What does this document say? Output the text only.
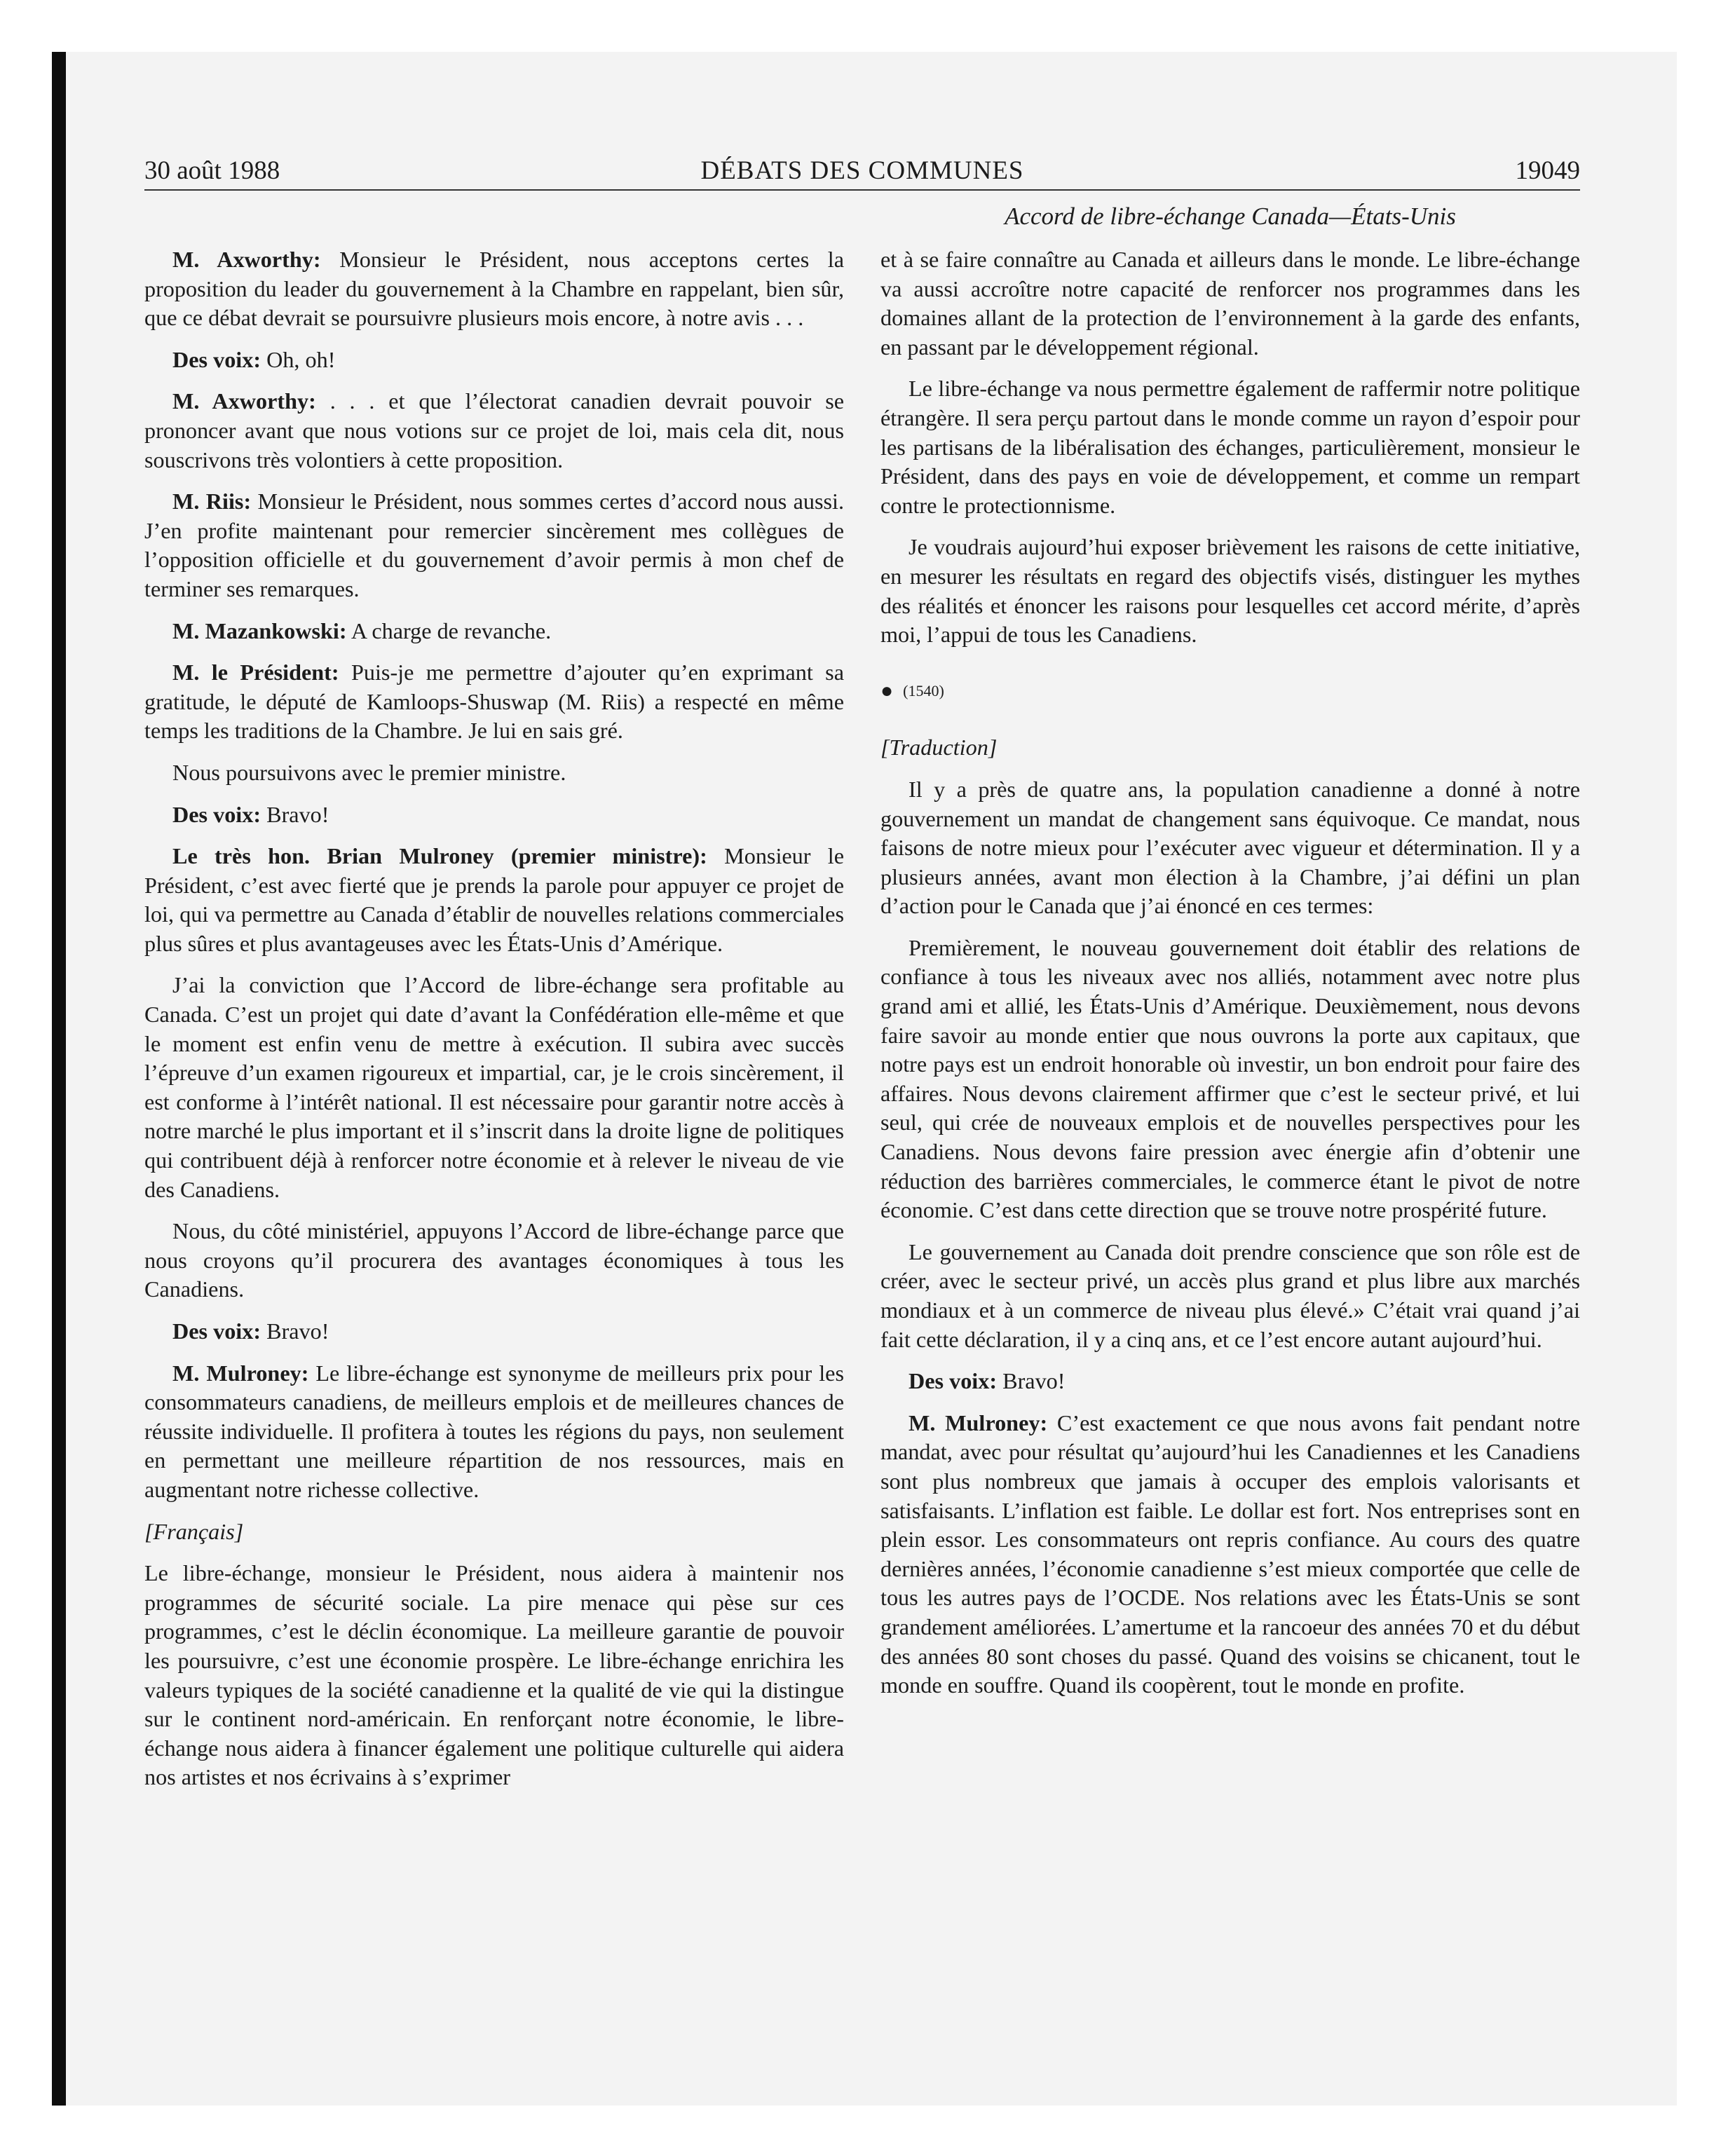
30 août 1988	DÉBATS DES COMMUNES	19049
Accord de libre-échange Canada—États-Unis

M. Axworthy: Monsieur le Président, nous acceptons certes la proposition du leader du gouvernement à la Chambre en rappelant, bien sûr, que ce débat devrait se poursuivre plusieurs mois encore, à notre avis . . .

Des voix: Oh, oh!

M. Axworthy: . . . et que l’électorat canadien devrait pouvoir se prononcer avant que nous votions sur ce projet de loi, mais cela dit, nous souscrivons très volontiers à cette proposition.

M. Riis: Monsieur le Président, nous sommes certes d’accord nous aussi. J’en profite maintenant pour remercier sincèrement mes collègues de l’opposition officielle et du gouvernement d’avoir permis à mon chef de terminer ses remarques.

M. Mazankowski: A charge de revanche.

M. le Président: Puis-je me permettre d’ajouter qu’en exprimant sa gratitude, le député de Kamloops-Shuswap (M. Riis) a respecté en même temps les traditions de la Chambre. Je lui en sais gré.

Nous poursuivons avec le premier ministre.

Des voix: Bravo!

Le très hon. Brian Mulroney (premier ministre): Monsieur le Président, c’est avec fierté que je prends la parole pour appuyer ce projet de loi, qui va permettre au Canada d’établir de nouvelles relations commerciales plus sûres et plus avantageuses avec les États-Unis d’Amérique.

J’ai la conviction que l’Accord de libre-échange sera profitable au Canada. C’est un projet qui date d’avant la Confédération elle-même et que le moment est enfin venu de mettre à exécution. Il subira avec succès l’épreuve d’un examen rigoureux et impartial, car, je le crois sincèrement, il est conforme à l’intérêt national. Il est nécessaire pour garantir notre accès à notre marché le plus important et il s’inscrit dans la droite ligne de politiques qui contribuent déjà à renforcer notre économie et à relever le niveau de vie des Canadiens.

Nous, du côté ministériel, appuyons l’Accord de libre-échange parce que nous croyons qu’il procurera des avantages économiques à tous les Canadiens.

Des voix: Bravo!

M. Mulroney: Le libre-échange est synonyme de meilleurs prix pour les consommateurs canadiens, de meilleurs emplois et de meilleures chances de réussite individuelle. Il profitera à toutes les régions du pays, non seulement en permettant une meilleure répartition de nos ressources, mais en augmentant notre richesse collective.

[Français]

Le libre-échange, monsieur le Président, nous aidera à maintenir nos programmes de sécurité sociale. La pire menace qui pèse sur ces programmes, c’est le déclin économique. La meilleure garantie de pouvoir les poursuivre, c’est une économie prospère. Le libre-échange enrichira les valeurs typiques de la société canadienne et la qualité de vie qui la distingue sur le continent nord-américain. En renforçant notre économie, le libre-échange nous aidera à financer également une politique culturelle qui aidera nos artistes et nos écrivains à s’exprimer

et à se faire connaître au Canada et ailleurs dans le monde. Le libre-échange va aussi accroître notre capacité de renforcer nos programmes dans les domaines allant de la protection de l’environnement à la garde des enfants, en passant par le développement régional.

Le libre-échange va nous permettre également de raffermir notre politique étrangère. Il sera perçu partout dans le monde comme un rayon d’espoir pour les partisans de la libéralisation des échanges, particulièrement, monsieur le Président, dans des pays en voie de développement, et comme un rempart contre le protectionnisme.

Je voudrais aujourd’hui exposer brièvement les raisons de cette initiative, en mesurer les résultats en regard des objectifs visés, distinguer les mythes des réalités et énoncer les raisons pour lesquelles cet accord mérite, d’après moi, l’appui de tous les Canadiens.

● (1540)

[Traduction]

Il y a près de quatre ans, la population canadienne a donné à notre gouvernement un mandat de changement sans équivoque. Ce mandat, nous faisons de notre mieux pour l’exécuter avec vigueur et détermination. Il y a plusieurs années, avant mon élection à la Chambre, j’ai défini un plan d’action pour le Canada que j’ai énoncé en ces termes:

Premièrement, le nouveau gouvernement doit établir des relations de confiance à tous les niveaux avec nos alliés, notamment avec notre plus grand ami et allié, les États-Unis d’Amérique. Deuxièmement, nous devons faire savoir au monde entier que nous ouvrons la porte aux capitaux, que notre pays est un endroit honorable où investir, un bon endroit pour faire des affaires. Nous devons clairement affirmer que c’est le secteur privé, et lui seul, qui crée de nouveaux emplois et de nouvelles perspectives pour les Canadiens. Nous devons faire pression avec énergie afin d’obtenir une réduction des barrières commerciales, le commerce étant le pivot de notre économie. C’est dans cette direction que se trouve notre prospérité future.

Le gouvernement au Canada doit prendre conscience que son rôle est de créer, avec le secteur privé, un accès plus grand et plus libre aux marchés mondiaux et à un commerce de niveau plus élevé.» C’était vrai quand j’ai fait cette déclaration, il y a cinq ans, et ce l’est encore autant aujourd’hui.

Des voix: Bravo!

M. Mulroney: C’est exactement ce que nous avons fait pendant notre mandat, avec pour résultat qu’aujourd’hui les Canadiennes et les Canadiens sont plus nombreux que jamais à occuper des emplois valorisants et satisfaisants. L’inflation est faible. Le dollar est fort. Nos entreprises sont en plein essor. Les consommateurs ont repris confiance. Au cours des quatre dernières années, l’économie canadienne s’est mieux comportée que celle de tous les autres pays de l’OCDE. Nos relations avec les États-Unis se sont grandement améliorées. L’amertume et la rancoeur des années 70 et du début des années 80 sont choses du passé. Quand des voisins se chicanent, tout le monde en souffre. Quand ils coopèrent, tout le monde en profite.
